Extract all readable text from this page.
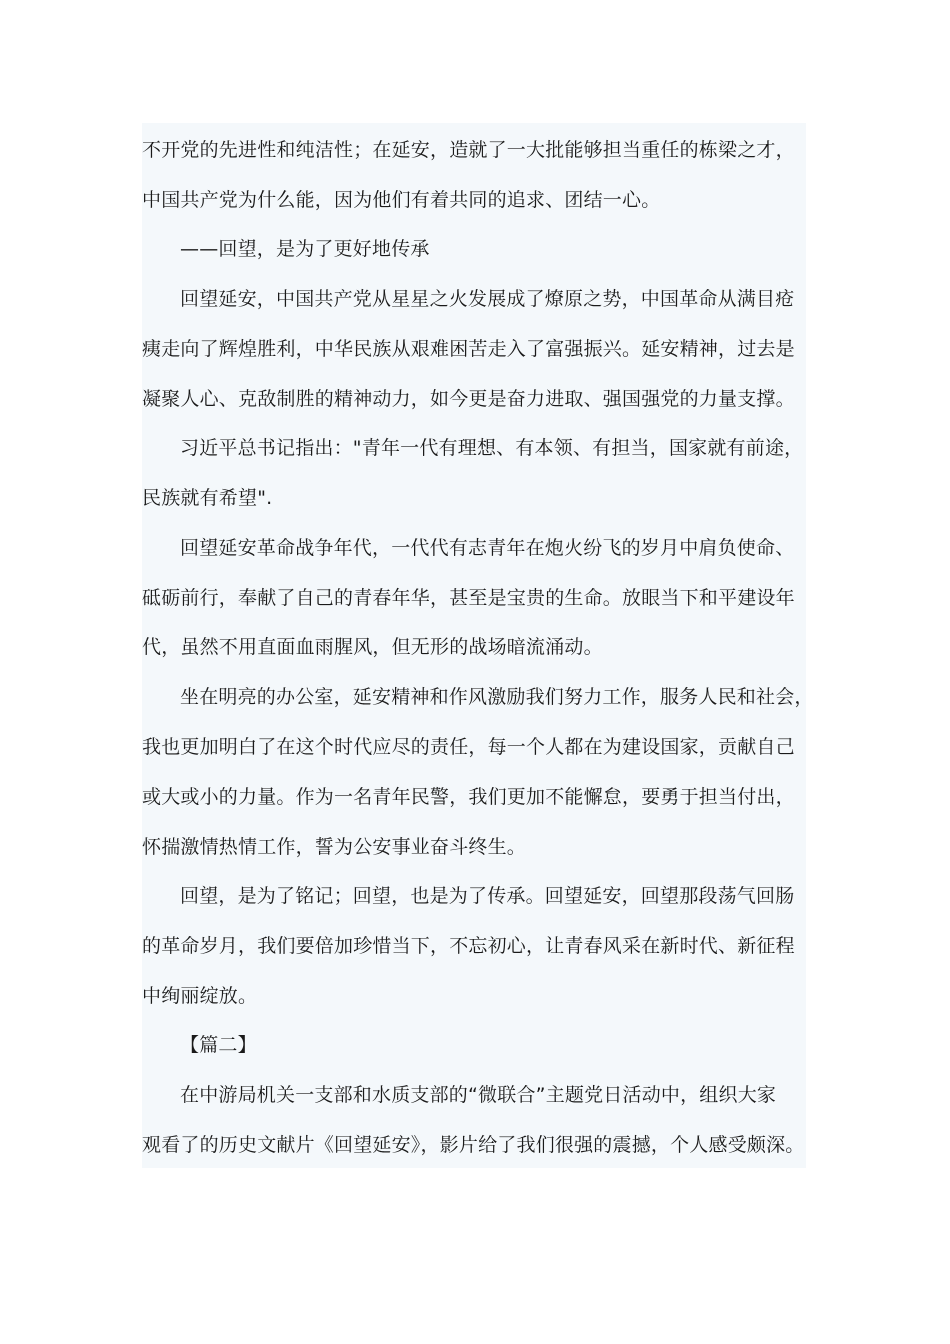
不开党的先进性和纯洁性；在延安，造就了一大批能够担当重任的栋梁之才，
中国共产党为什么能，因为他们有着共同的追求、团结一心。
——回望，是为了更好地传承
回望延安，中国共产党从星星之火发展成了燎原之势，中国革命从满目疮
痍走向了辉煌胜利，中华民族从艰难困苦走入了富强振兴。延安精神，过去是
凝聚人心、克敌制胜的精神动力，如今更是奋力进取、强国强党的力量支撑。
习近平总书记指出："青年一代有理想、有本领、有担当，国家就有前途，
民族就有希望".
回望延安革命战争年代，一代代有志青年在炮火纷飞的岁月中肩负使命、
砥砺前行，奉献了自己的青春年华，甚至是宝贵的生命。放眼当下和平建设年
代，虽然不用直面血雨腥风，但无形的战场暗流涌动。
坐在明亮的办公室，延安精神和作风激励我们努力工作，服务人民和社会，
我也更加明白了在这个时代应尽的责任，每一个人都在为建设国家，贡献自己
或大或小的力量。作为一名青年民警，我们更加不能懈怠，要勇于担当付出，
怀揣激情热情工作，誓为公安事业奋斗终生。
回望，是为了铭记；回望，也是为了传承。回望延安，回望那段荡气回肠
的革命岁月，我们要倍加珍惜当下，不忘初心，让青春风采在新时代、新征程
中绚丽绽放。
【篇二】
在中游局机关一支部和水质支部的“微联合”主题党日活动中，组织大家
观看了的历史文献片《回望延安》，影片给了我们很强的震撼，个人感受颇深。
